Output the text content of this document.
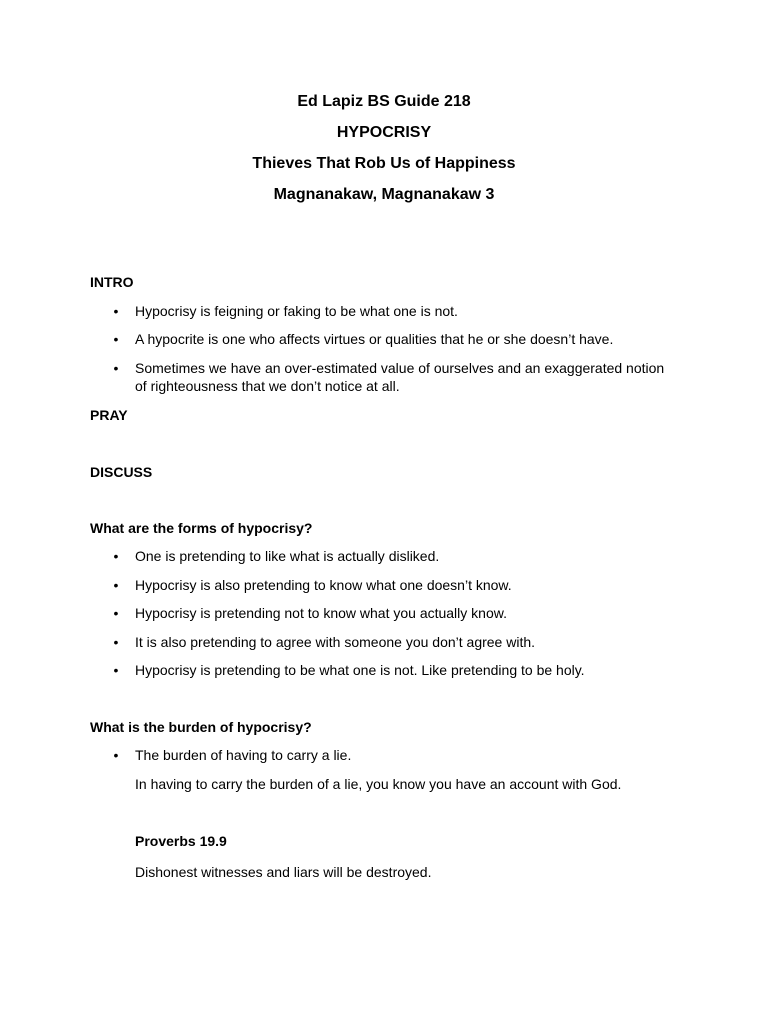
Ed Lapiz BS Guide 218
HYPOCRISY
Thieves That Rob Us of Happiness
Magnanakaw, Magnanakaw 3
INTRO
• Hypocrisy is feigning or faking to be what one is not.
• A hypocrite is one who affects virtues or qualities that he or she doesn’t have.
• Sometimes we have an over-estimated value of ourselves and an exaggerated notion of righteousness that we don’t notice at all.
PRAY
DISCUSS
What are the forms of hypocrisy?
• One is pretending to like what is actually disliked.
• Hypocrisy is also pretending to know what one doesn’t know.
• Hypocrisy is pretending not to know what you actually know.
• It is also pretending to agree with someone you don’t agree with.
• Hypocrisy is pretending to be what one is not. Like pretending to be holy.
What is the burden of hypocrisy?
• The burden of having to carry a lie.
In having to carry the burden of a lie, you know you have an account with God.
Proverbs 19.9
Dishonest witnesses and liars will be destroyed.
